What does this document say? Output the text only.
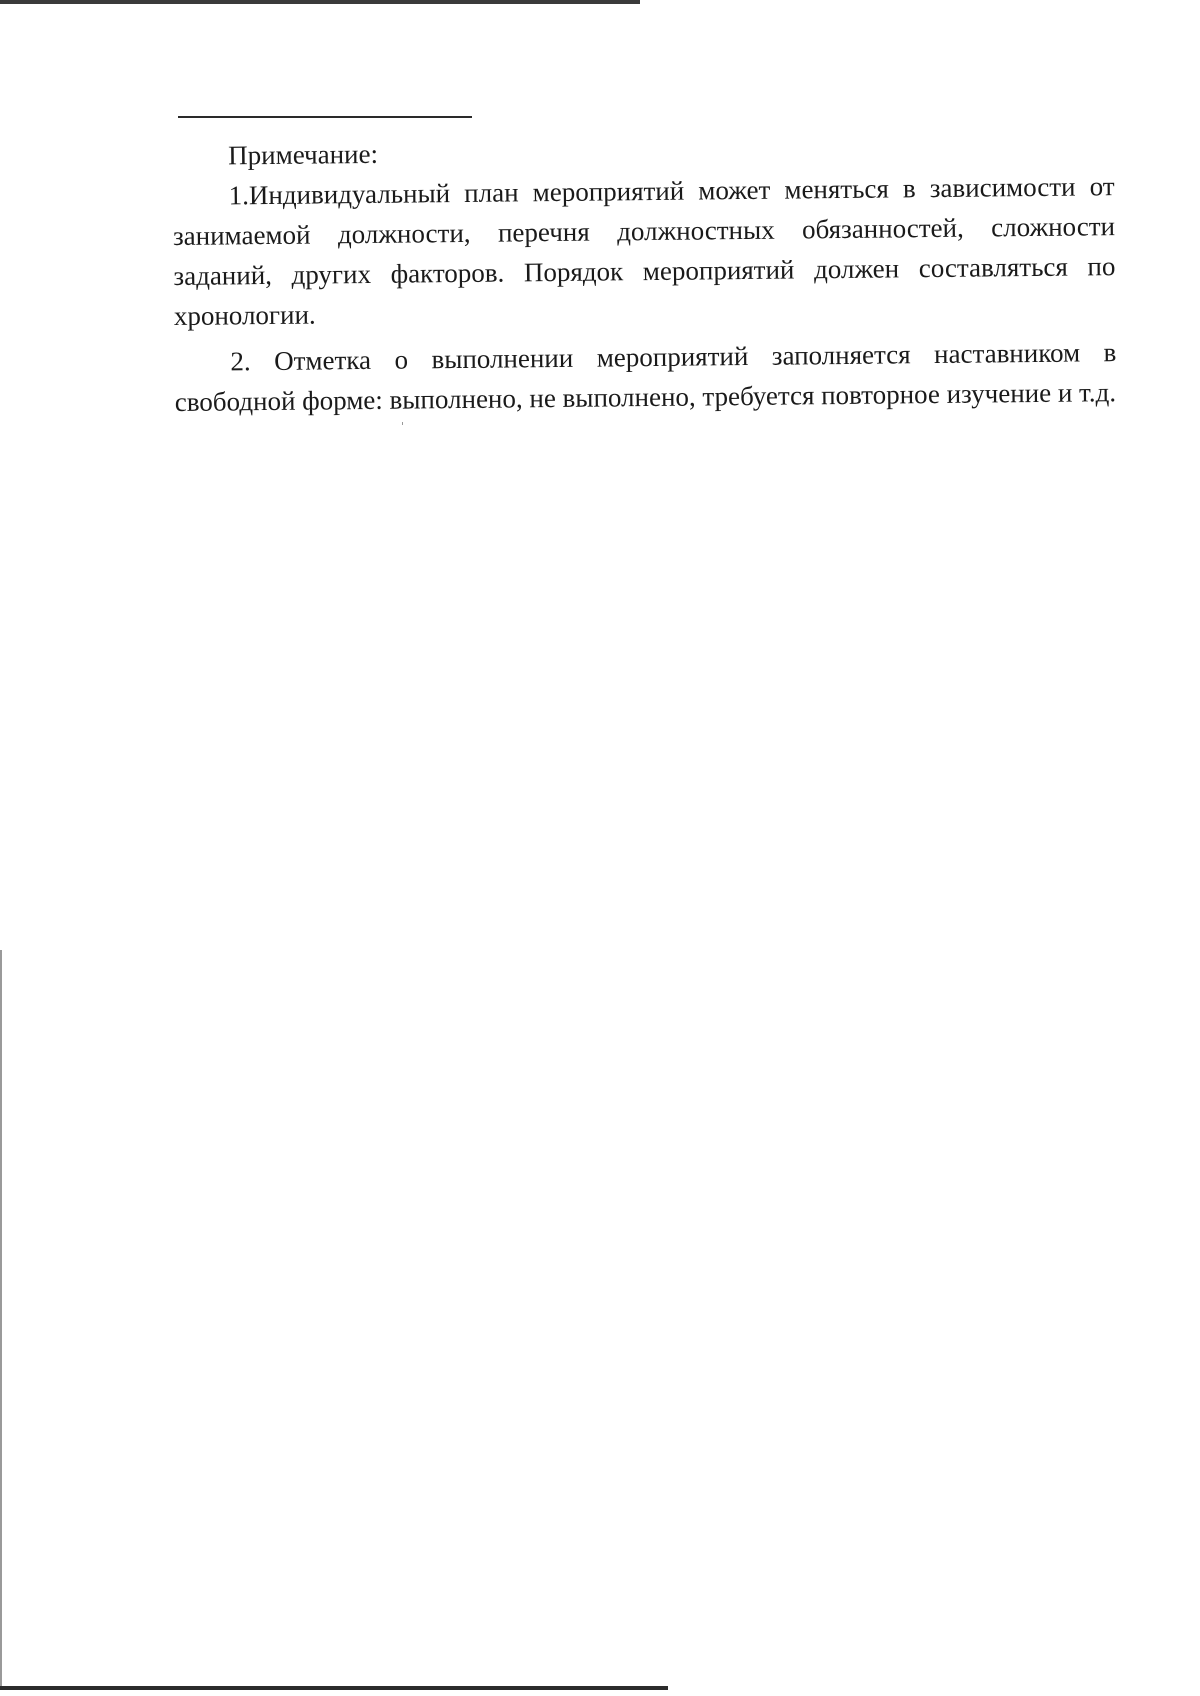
Примечание:

1.Индивидуальный план мероприятий может меняться в зависимости от занимаемой должности, перечня должностных обязанностей, сложности заданий, других факторов. Порядок мероприятий должен составляться по хронологии.

2. Отметка о выполнении мероприятий заполняется наставником в свободной форме: выполнено, не выполнено, требуется повторное изучение и т.д.
